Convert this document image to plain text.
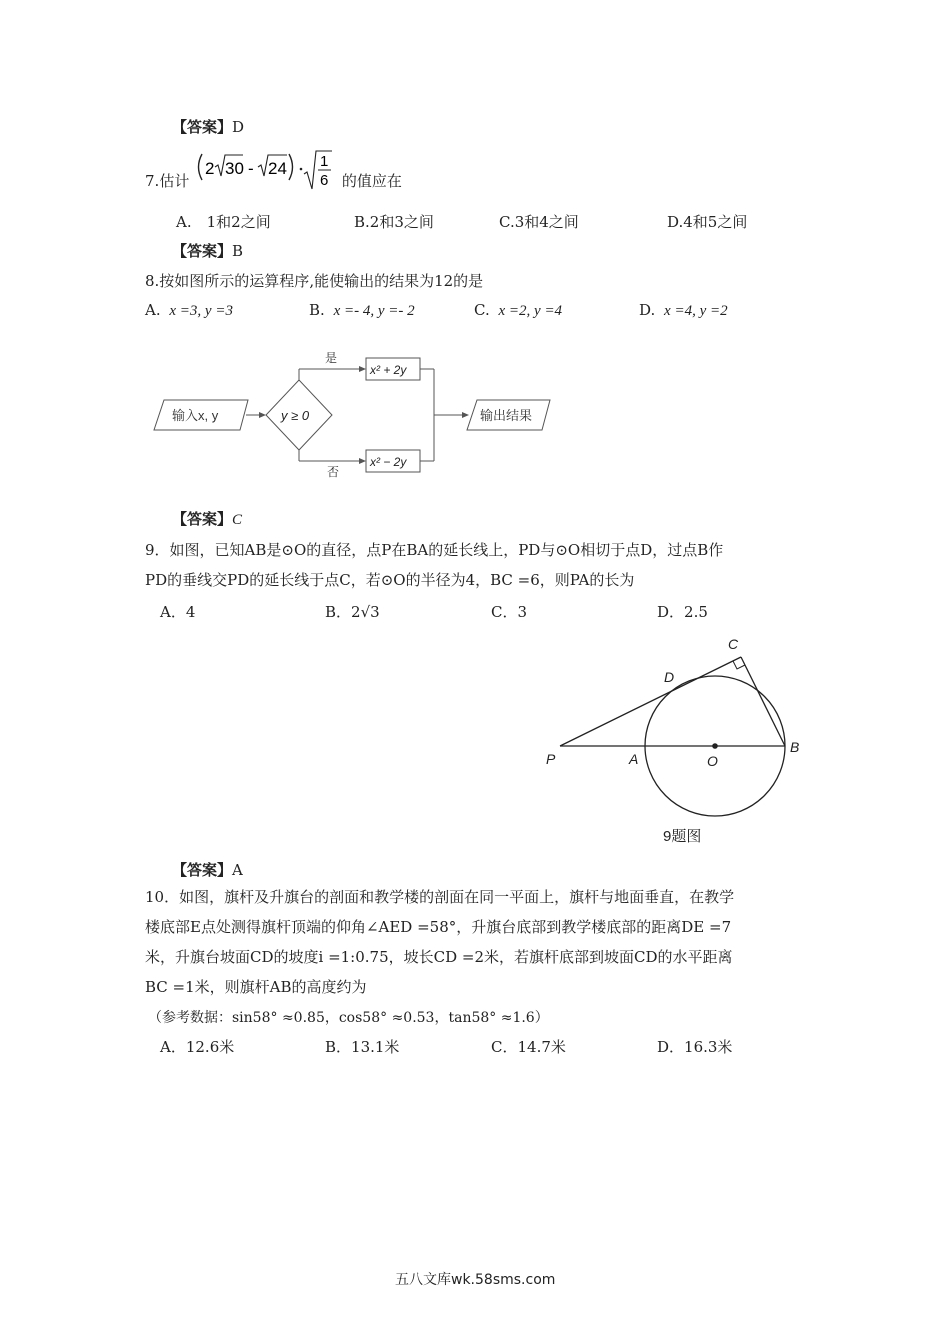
【答案】D
7.估计
2 30 - 24 1
6 的值应在
A.　1和2之间	B.2和3之间	C.3和4之间	D.4和5之间
【答案】B
8.按如图所示的运算程序,能使输出的结果为12的是
A. x =3, y =3	B. x =- 4, y =- 2	C. x =2, y =4	D. x =4, y =2
输入x, y	y ≥ 0
是
x² + 2y
否
x² − 2y
输出结果
【答案】C
9．如图，已知AB是⊙O的直径，点P在BA的延长线上，PD与⊙O相切于点D，过点B作
PD的垂线交PD的延长线于点C，若⊙O的半径为4，BC =6，则PA的长为
A．4	B．2√3	C．3	D．2.5
P	A	O
B
C
D
9题图
【答案】A
10．如图，旗杆及升旗台的剖面和教学楼的剖面在同一平面上，旗杆与地面垂直，在教学
楼底部E点处测得旗杆顶端的仰角∠AED =58°，升旗台底部到教学楼底部的距离DE =7
米，升旗台坡面CD的坡度i =1:0.75，坡长CD =2米，若旗杆底部到坡面CD的水平距离
BC =1米，则旗杆AB的高度约为
（参考数据：sin58° ≈0.85，cos58° ≈0.53，tan58° ≈1.6）
A．12.6米	B．13.1米	C．14.7米	D．16.3米
五八文库wk.58sms.com
